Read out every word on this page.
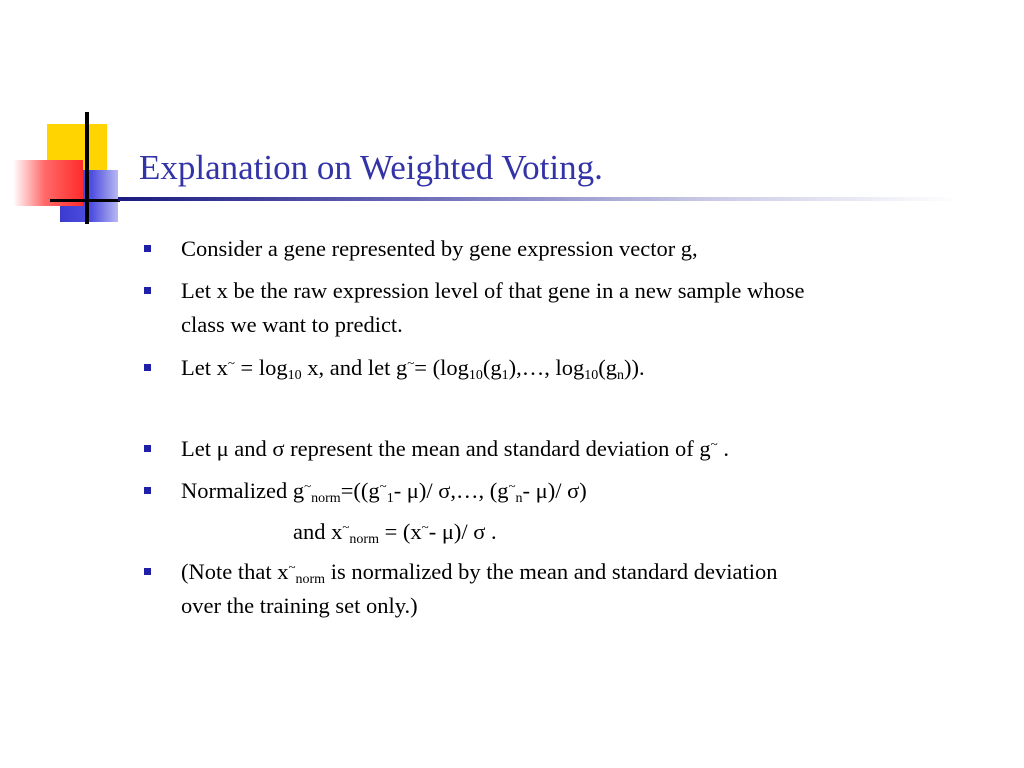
Explanation on Weighted Voting.
Consider a gene represented by gene expression vector g,
Let x be the raw expression level of that gene in a new sample whose
class we want to predict.
Let $x^\sim = \log_{10} x$, and let $g^\sim= (\log_{10}(g_1),\dots$, $\log_{10}(g_n)$).
Let μ and σ represent the mean and standard deviation of g~ .
Normalized $g^\sim_{norm}=((g^\sim_1-$ μ)/ σ,…, ($g^\sim_n-$ μ)/ σ)
and $x^\sim_{norm} = (x^\sim-$ μ)/ σ .
(Note that $x^\sim_{norm}$ is normalized by the mean and standard deviation
over the training set only.)
